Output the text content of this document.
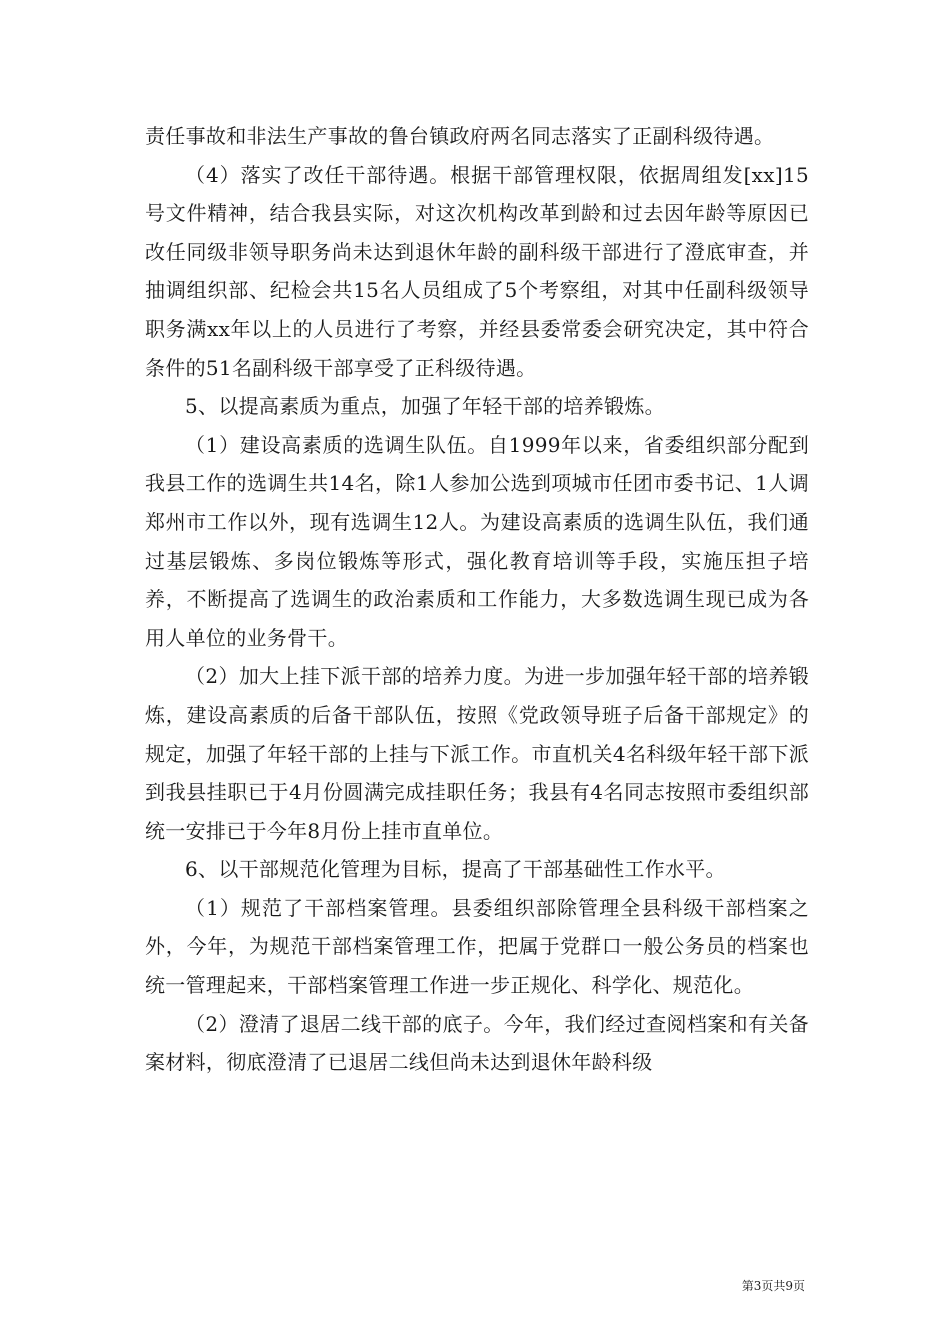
责任事故和非法生产事故的鲁台镇政府两名同志落实了正副科级待遇。

（4）落实了改任干部待遇。根据干部管理权限，依据周组发[xx]15号文件精神，结合我县实际，对这次机构改革到龄和过去因年龄等原因已改任同级非领导职务尚未达到退休年龄的副科级干部进行了澄底审查，并抽调组织部、纪检会共15名人员组成了5个考察组，对其中任副科级领导职务满xx年以上的人员进行了考察，并经县委常委会研究决定，其中符合条件的51名副科级干部享受了正科级待遇。

5、以提高素质为重点，加强了年轻干部的培养锻炼。

（1）建设高素质的选调生队伍。自1999年以来，省委组织部分配到我县工作的选调生共14名，除1人参加公选到项城市任团市委书记、1人调郑州市工作以外，现有选调生12人。为建设高素质的选调生队伍，我们通过基层锻炼、多岗位锻炼等形式，强化教育培训等手段，实施压担子培养，不断提高了选调生的政治素质和工作能力，大多数选调生现已成为各用人单位的业务骨干。

（2）加大上挂下派干部的培养力度。为进一步加强年轻干部的培养锻炼，建设高素质的后备干部队伍，按照《党政领导班子后备干部规定》的规定，加强了年轻干部的上挂与下派工作。市直机关4名科级年轻干部下派到我县挂职已于4月份圆满完成挂职任务；我县有4名同志按照市委组织部统一安排已于今年8月份上挂市直单位。

6、以干部规范化管理为目标，提高了干部基础性工作水平。

（1）规范了干部档案管理。县委组织部除管理全县科级干部档案之外，今年，为规范干部档案管理工作，把属于党群口一般公务员的档案也统一管理起来，干部档案管理工作进一步正规化、科学化、规范化。

（2）澄清了退居二线干部的底子。今年，我们经过查阅档案和有关备案材料，彻底澄清了已退居二线但尚未达到退休年龄科级

第3页共9页
